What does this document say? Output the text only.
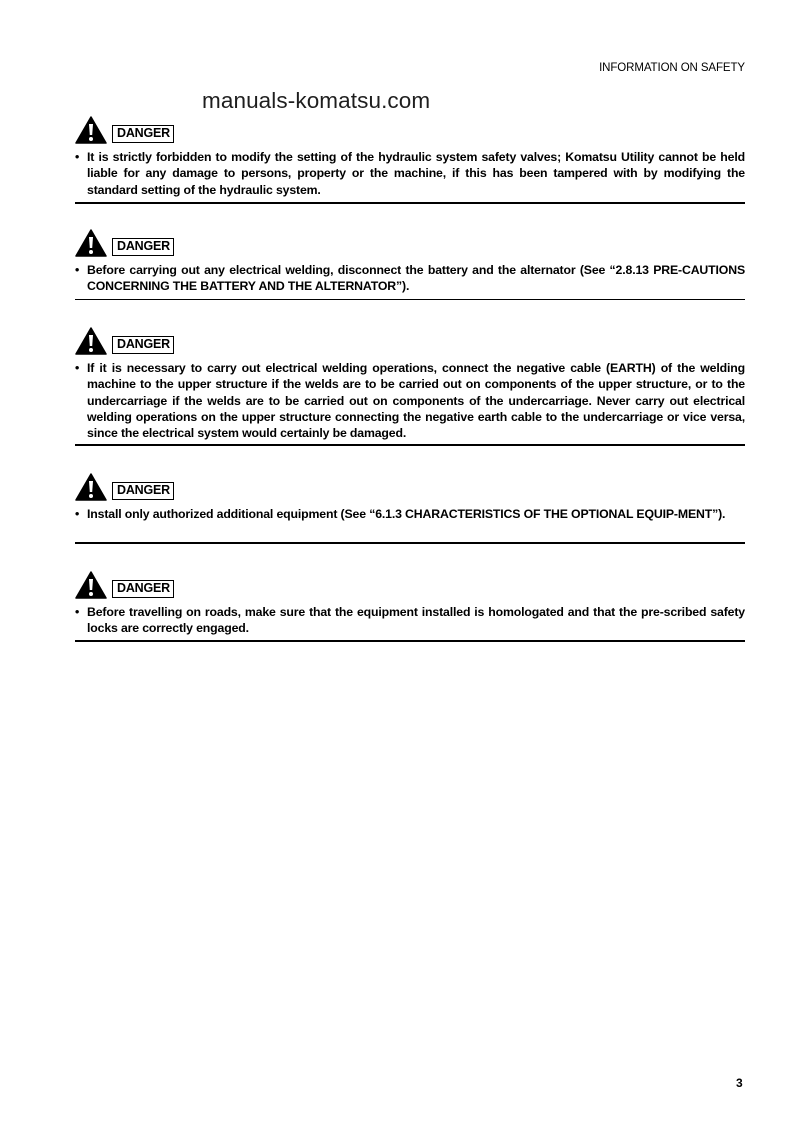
INFORMATION ON SAFETY
manuals-komatsu.com
DANGER
• It is strictly forbidden to modify the setting of the hydraulic system safety valves; Komatsu Utility cannot be held liable for any damage to persons, property or the machine, if this has been tampered with by modifying the standard setting of the hydraulic system.
DANGER
• Before carrying out any electrical welding, disconnect the battery and the alternator (See “2.8.13 PRE-CAUTIONS CONCERNING THE BATTERY AND THE ALTERNATOR”).
DANGER
• If it is necessary to carry out electrical welding operations, connect the negative cable (EARTH) of the welding machine to the upper structure if the welds are to be carried out on components of the upper structure, or to the undercarriage if the welds are to be carried out on components of the undercarriage. Never carry out electrical welding operations on the upper structure connecting the negative earth cable to the undercarriage or vice versa, since the electrical system would certainly be damaged.
DANGER
• Install only authorized additional equipment (See “6.1.3 CHARACTERISTICS OF THE OPTIONAL EQUIP-MENT”).
DANGER
• Before travelling on roads, make sure that the equipment installed is homologated and that the pre-scribed safety locks are correctly engaged.
3
